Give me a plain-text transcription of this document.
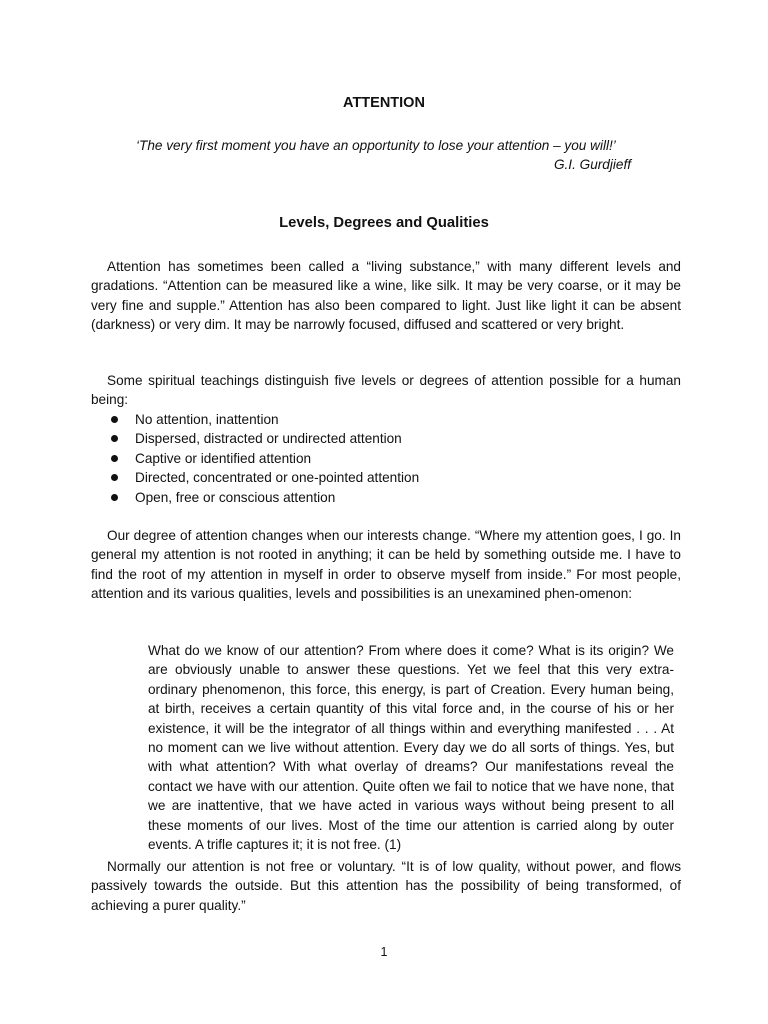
ATTENTION
‘The very first moment you have an opportunity to lose your attention – you will!’
G.I. Gurdjieff
Levels, Degrees and Qualities

Attention has sometimes been called a “living substance,” with many different levels and gradations. “Attention can be measured like a wine, like silk. It may be very coarse, or it may be very fine and supple.” Attention has also been compared to light. Just like light it can be absent (darkness) or very dim. It may be narrowly focused, diffused and scattered or very bright.

Some spiritual teachings distinguish five levels or degrees of attention possible for a human being:

No attention, inattention
Dispersed, distracted or undirected attention
Captive or identified attention
Directed, concentrated or one-pointed attention
Open, free or conscious attention

Our degree of attention changes when our interests change. “Where my attention goes, I go. In general my attention is not rooted in anything; it can be held by something outside me. I have to find the root of my attention in myself in order to observe myself from inside.” For most people, attention and its various qualities, levels and possibilities is an unexamined phen-omenon:

What do we know of our attention? From where does it come? What is its origin? We are obviously unable to answer these questions. Yet we feel that this very extra-ordinary phenomenon, this force, this energy, is part of Creation. Every human being, at birth, receives a certain quantity of this vital force and, in the course of his or her existence, it will be the integrator of all things within and everything manifested . . . At no moment can we live without attention. Every day we do all sorts of things. Yes, but with what attention? With what overlay of dreams? Our manifestations reveal the contact we have with our attention. Quite often we fail to notice that we have none, that we are inattentive, that we have acted in various ways without being present to all these moments of our lives. Most of the time our attention is carried along by outer events. A trifle captures it; it is not free. (1)

Normally our attention is not free or voluntary. “It is of low quality, without power, and flows passively towards the outside. But this attention has the possibility of being transformed, of achieving a purer quality.”

1
